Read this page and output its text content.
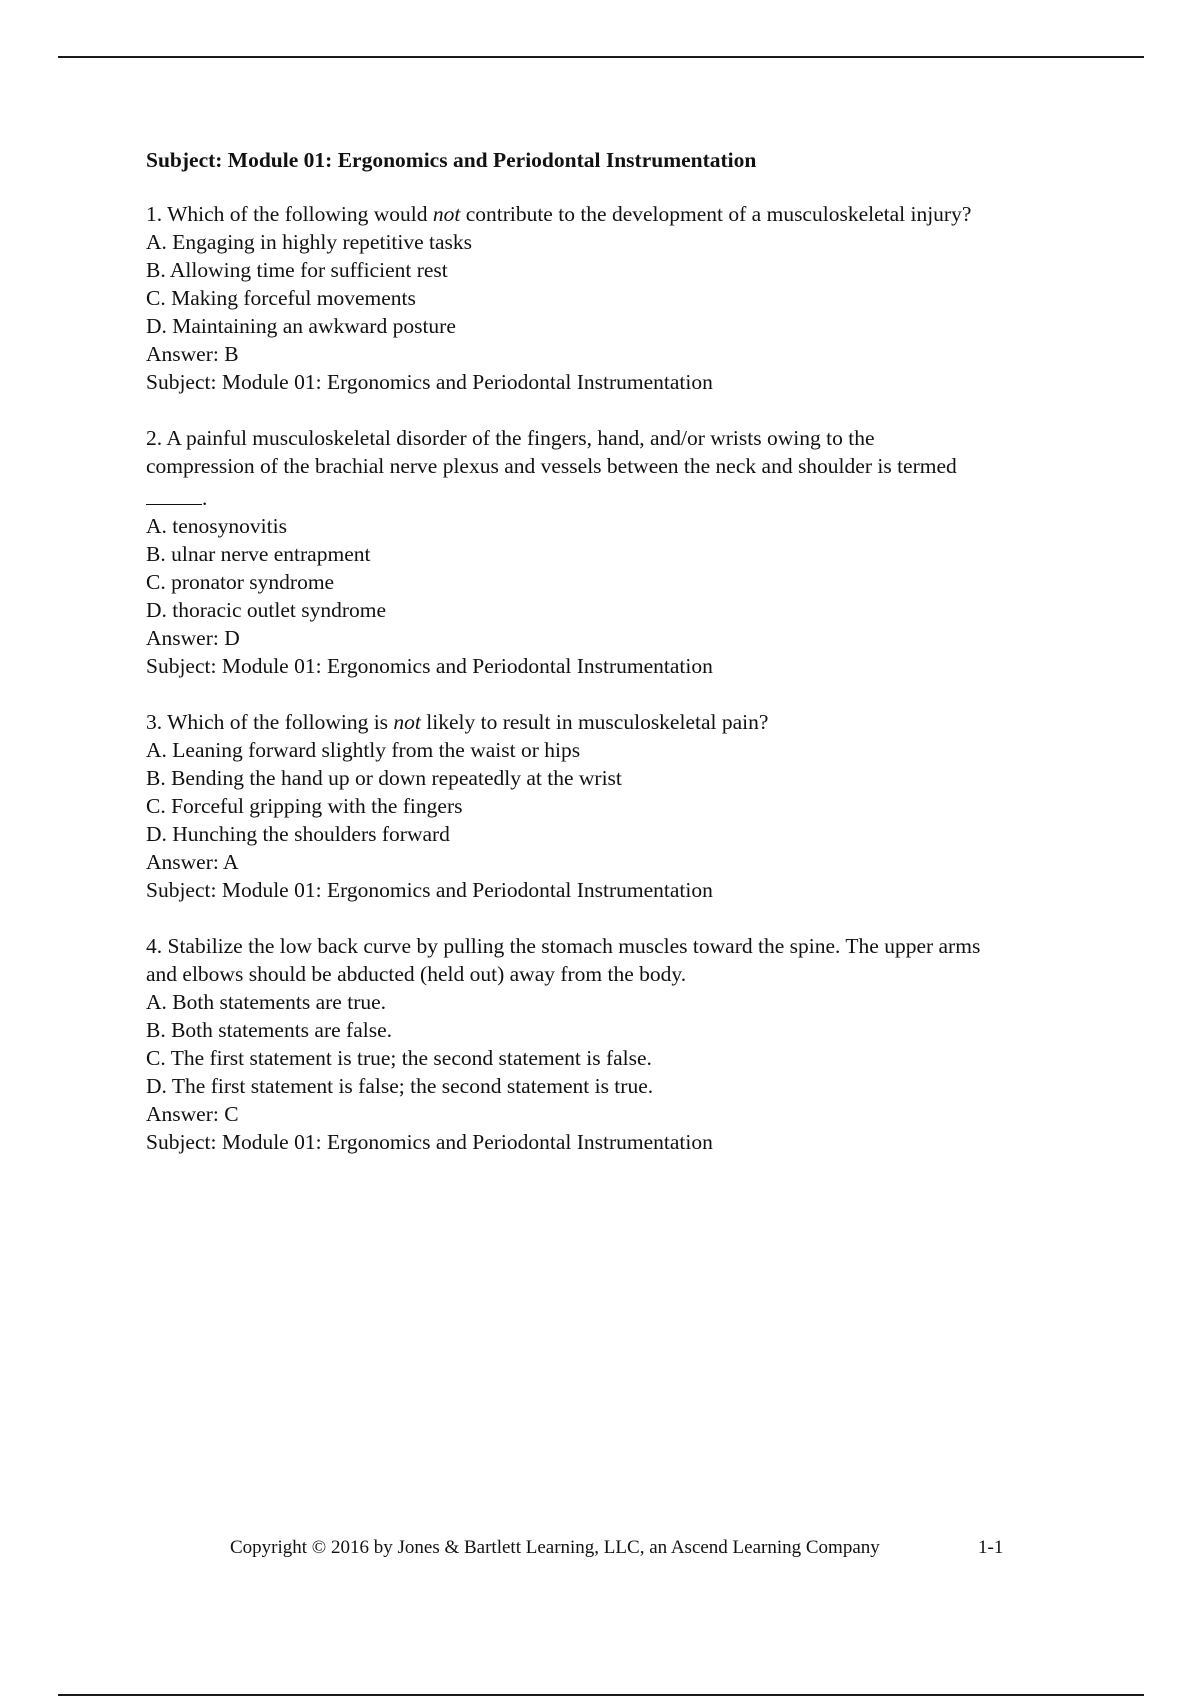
Subject: Module 01: Ergonomics and Periodontal Instrumentation
1. Which of the following would not contribute to the development of a musculoskeletal injury?
A. Engaging in highly repetitive tasks
B. Allowing time for sufficient rest
C. Making forceful movements
D. Maintaining an awkward posture
Answer: B
Subject: Module 01: Ergonomics and Periodontal Instrumentation
2. A painful musculoskeletal disorder of the fingers, hand, and/or wrists owing to the
compression of the brachial nerve plexus and vessels between the neck and shoulder is termed
.
A. tenosynovitis
B. ulnar nerve entrapment
C. pronator syndrome
D. thoracic outlet syndrome
Answer: D
Subject: Module 01: Ergonomics and Periodontal Instrumentation
3. Which of the following is not likely to result in musculoskeletal pain?
A. Leaning forward slightly from the waist or hips
B. Bending the hand up or down repeatedly at the wrist
C. Forceful gripping with the fingers
D. Hunching the shoulders forward
Answer: A
Subject: Module 01: Ergonomics and Periodontal Instrumentation
4. Stabilize the low back curve by pulling the stomach muscles toward the spine. The upper arms
and elbows should be abducted (held out) away from the body.
A. Both statements are true.
B. Both statements are false.
C. The first statement is true; the second statement is false.
D. The first statement is false; the second statement is true.
Answer: C
Subject: Module 01: Ergonomics and Periodontal Instrumentation
Copyright © 2016 by Jones & Bartlett Learning, LLC, an Ascend Learning Company	1-1
